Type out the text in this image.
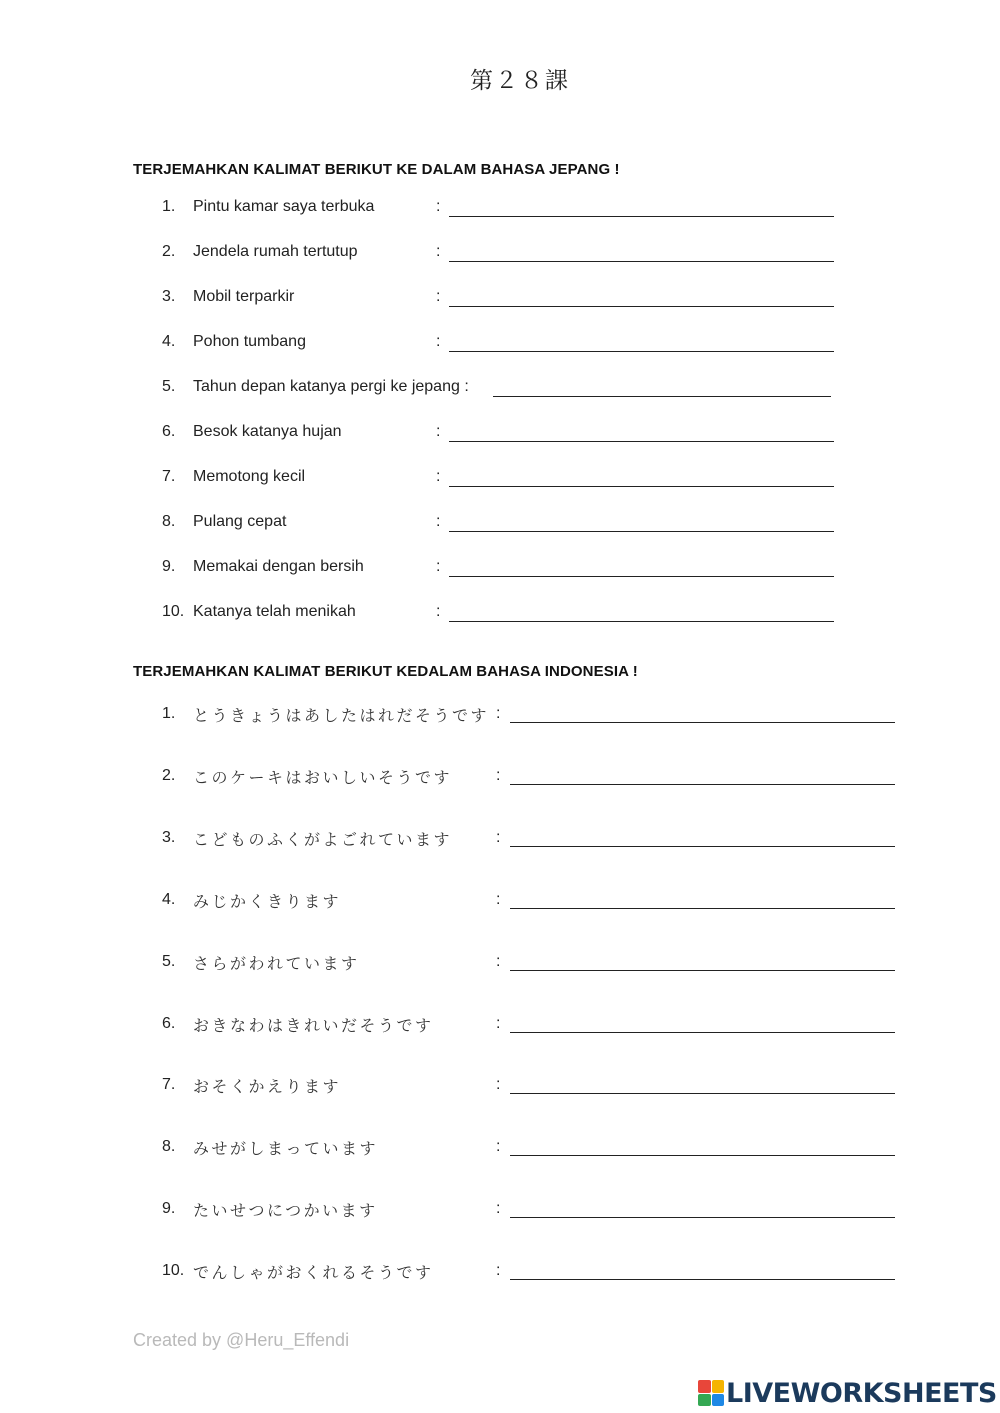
第２８課
TERJEMAHKAN KALIMAT BERIKUT KE DALAM BAHASA JEPANG !
1. Pintu kamar saya terbuka	:
2. Jendela rumah tertutup	:
3. Mobil terparkir	:
4. Pohon tumbang	:
5. Tahun depan katanya pergi ke jepang :
6. Besok katanya hujan	:
7. Memotong kecil	:
8. Pulang cepat	:
9. Memakai dengan bersih	:
10. Katanya telah menikah	:
TERJEMAHKAN KALIMAT BERIKUT KEDALAM BAHASA INDONESIA !
1. とうきょうはあしたはれだそうです :
2. このケーキはおいしいそうです	:
3. こどものふくがよごれています	:
4. みじかくきります	:
5. さらがわれています	:
6. おきなわはきれいだそうです	:
7. おそくかえります	:
8. みせがしまっています	:
9. たいせつにつかいます	:
10. でんしゃがおくれるそうです	:
Created by @Heru_Effendi
LIVEWORKSHEETS
